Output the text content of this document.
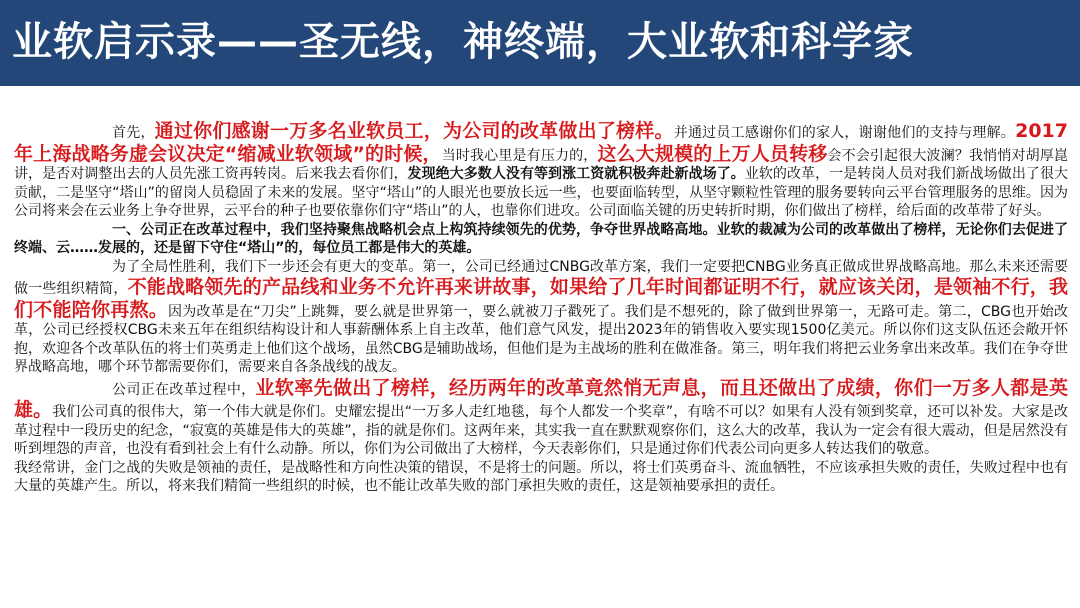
业软启示录——圣无线，神终端，大业软和科学家

首先，通过你们感谢一万多名业软员工，为公司的改革做出了榜样。并通过员工感谢你们的家人，谢谢他们的支持与理解。2017年上海战略务虚会议决定“缩减业软领域”的时候，当时我心里是有压力的，这么大规模的上万人员转移会不会引起很大波澜？我悄悄对胡厚崑讲，是否对调整出去的人员先涨工资再转岗。后来我去看你们，发现绝大多数人没有等到涨工资就积极奔赴新战场了。业软的改革，一是转岗人员对我们新战场做出了很大贡献，二是坚守“塔山”的留岗人员稳固了未来的发展。坚守“塔山”的人眼光也要放长远一些，也要面临转型，从坚守颗粒性管理的服务要转向云平台管理服务的思维。因为公司将来会在云业务上争夺世界，云平台的种子也要依靠你们守“塔山”的人，也靠你们进攻。公司面临关键的历史转折时期，你们做出了榜样，给后面的改革带了好头。

一、公司正在改革过程中，我们坚持聚焦战略机会点上构筑持续领先的优势，争夺世界战略高地。业软的裁减为公司的改革做出了榜样，无论你们去促进了终端、云……发展的，还是留下守住“塔山”的，每位员工都是伟大的英雄。

为了全局性胜利，我们下一步还会有更大的变革。第一，公司已经通过CNBG改革方案，我们一定要把CNBG业务真正做成世界战略高地。那么未来还需要做一些组织精简，不能战略领先的产品线和业务不允许再来讲故事，如果给了几年时间都证明不行，就应该关闭，是领袖不行，我们不能陪你再熬。因为改革是在“刀尖”上跳舞，要么就是世界第一，要么就被刀子戳死了。我们是不想死的，除了做到世界第一，无路可走。第二，CBG也开始改革，公司已经授权CBG未来五年在组织结构设计和人事薪酬体系上自主改革，他们意气风发，提出2023年的销售收入要实现1500亿美元。所以你们这支队伍还会敞开怀抱，欢迎各个改革队伍的将士们英勇走上他们这个战场，虽然CBG是辅助战场，但他们是为主战场的胜利在做准备。第三，明年我们将把云业务拿出来改革。我们在争夺世界战略高地，哪个环节都需要你们，需要来自各条战线的战友。

公司正在改革过程中，业软率先做出了榜样，经历两年的改革竟然悄无声息，而且还做出了成绩，你们一万多人都是英雄。我们公司真的很伟大，第一个伟大就是你们。史耀宏提出“一万多人走红地毯，每个人都发一个奖章”，有啥不可以？如果有人没有领到奖章，还可以补发。大家是改革过程中一段历史的纪念，“寂寞的英雄是伟大的英雄”，指的就是你们。这两年来，其实我一直在默默观察你们，这么大的改革，我认为一定会有很大震动，但是居然没有听到埋怨的声音，也没有看到社会上有什么动静。所以，你们为公司做出了大榜样，今天表彰你们，只是通过你们代表公司向更多人转达我们的敬意。

我经常讲，金门之战的失败是领袖的责任，是战略性和方向性决策的错误，不是将士的问题。所以，将士们英勇奋斗、流血牺牲，不应该承担失败的责任，失败过程中也有大量的英雄产生。所以，将来我们精简一些组织的时候，也不能让改革失败的部门承担失败的责任，这是领袖要承担的责任。
